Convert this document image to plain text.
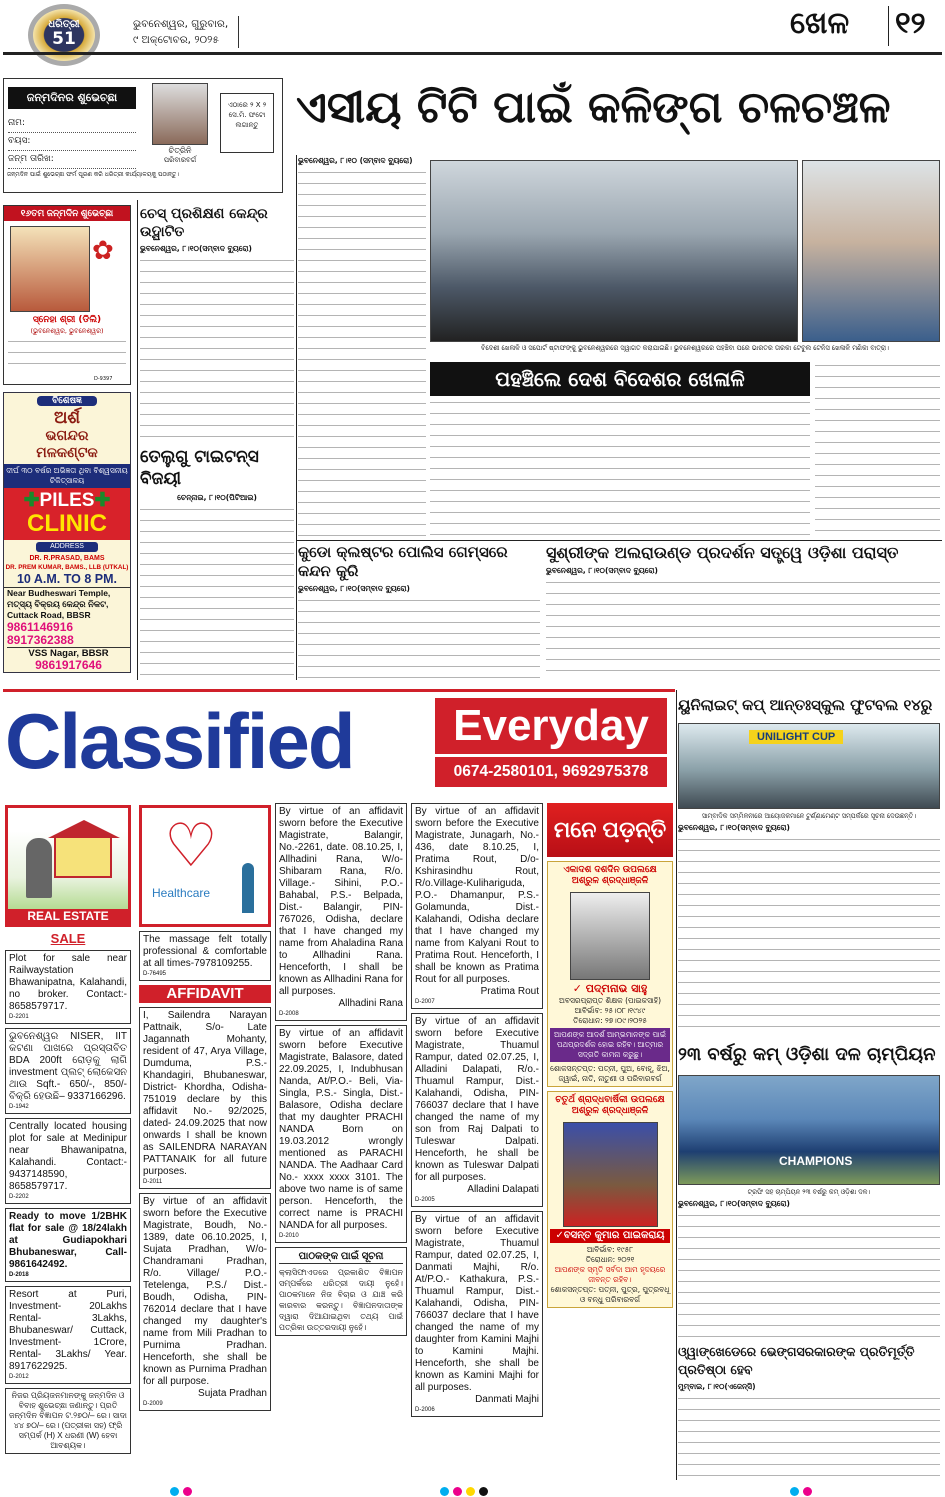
ଧରିତ୍ରୀ
51
ଭୁବନେଶ୍ୱର, ଗୁରୁବାର,
୯ ଅକ୍ଟୋବର, ୨୦୨୫	ଖେଳ ୧୨
ଜନ୍ମଦିନର ଶୁଭେଚ୍ଛା
ନାମ:
ବୟସ:
ଜନ୍ମ ତାରିଖ:
ଚିତ୍ରିନି
ପରିବାରବର୍ଗ
ଏଠାରେ ୨ X ୨ ସେ.ମି. ଫଟୋ ଲଗାନ୍ତୁ
ଜନ୍ମଦିନ ପାଇଁ ଶୁଭେଚ୍ଛା ଫର୍ମ ପୂରଣ କରି ଧରିତ୍ରୀ କାର୍ଯ୍ୟାଳୟକୁ ପଠାନ୍ତୁ।
ଏସୀୟ ଟିଟି ପାଇଁ କଳିଙ୍ଗ ଚଳଚଞ୍ଚଳ
୧୬ତମ ଜନ୍ମଦିନ ଶୁଭେଚ୍ଛା
✿
ସ୍ନେହା ଶ୍ରୀ (ଡିଲି)
(ଭୁବନେଶ୍ୱର, ଭୁବନେଶ୍ୱର)
D-9397
ବିଶେଷଜ୍ଞ
ଅର୍ଶ
ଭଗନ୍ଦର
ମଳକଣ୍ଟକ
ଦୀର୍ଘ ୩୦ ବର୍ଷର ଅଭିଜ୍ଞତା ଥିବା ବିଶ୍ୱସନୀୟ ଚିକିତ୍ସାଳୟ
✚PILES✚
CLINIC
ADDRESS
DR. R.PRASAD, BAMS
DR. PREM KUMAR, BAMS., LLB (UTKAL)
10 A.M. TO 8 PM.
Near Budheswari Temple,
ମତ୍ସ୍ୟ ବିକ୍ରୟ କେନ୍ଦ୍ର ନିକଟ,
Cuttack Road, BBSR
9861146916
8917362388
VSS Nagar, BBSR
9861917646
ଚେସ୍ ପ୍ରଶିକ୍ଷଣ କେନ୍ଦ୍ର ଉଦ୍ଘାଟିତ
ଭୁବନେଶ୍ୱର, ୮।୧୦(ସମ୍ବାଦ ବ୍ୟୁରୋ)
ତେଲୁଗୁ ଟାଇଟନ୍ସ ବିଜୟୀ
ଚେନ୍ନାଇ, ୮।୧୦(ପିଟିଆଇ)
ଭୁବନେଶ୍ୱର, ୮।୧୦ (ସମ୍ବାଦ ବ୍ୟୁରୋ)
ବିଦେଶୀ ଖେଳାଳି ଓ ସପୋର୍ଟ ଷ୍ଟାଫଙ୍କୁ ଭୁବନେଶ୍ୱରରେ ସ୍ୱାଗତ କରାଯାଇଛି। ଭୁବନେଶ୍ୱରରେ ପହଞ୍ଚିବା ପରେ ଭାରତର ତାରକା ଟେବୁଲ ଟେନିସ ଖେଳାଳି ମଣିକା ବାତ୍ରା।
ପହଞ୍ଚିଲେ ଦେଶ ବିଦେଶର ଖେଳାଳି
କୁଡୋ କ୍ଲଷ୍ଟର ପୋଲିସ ଗେମ୍ସରେ କନ୍ଦନ କୁରି
ଭୁବନେଶ୍ୱର, ୮।୧୦(ସମ୍ବାଦ ବ୍ୟୁରୋ)
ସୁଶ୍ରୀଙ୍କ ଅଲରାଉଣ୍ଡ ପ୍ରଦର୍ଶନ ସତ୍ତ୍ୱେ ଓଡ଼ିଶା ପରାସ୍ତ
ଭୁବନେଶ୍ୱର, ୮।୧୦(ସମ୍ବାଦ ବ୍ୟୁରୋ)
Classified	Everyday
0674-2580101, 9692975378
ୟୁନିଲାଇଟ୍ କପ୍ ଆନ୍ତଃସ୍କୁଲ ଫୁଟବଲ ୧୪ରୁ
UNILIGHT CUP
ସାମ୍ବାଦିକ ସମ୍ମିଳନୀରେ ଆୟୋଜକମାନେ ଟୁର୍ଣ୍ଣାମେଣ୍ଟ ସମ୍ପର୍କରେ ସୂଚନା ଦେଉଛନ୍ତି।
ଭୁବନେଶ୍ୱର, ୮।୧୦(ସମ୍ବାଦ ବ୍ୟୁରୋ)
୨୩ ବର୍ଷରୁ କମ୍ ଓଡ଼ିଶା ଦଳ ଚାମ୍ପିୟନ
CHAMPIONS
ଟ୍ରଫି ସହ ଚାମ୍ପିୟନ ୨୩ ବର୍ଷରୁ କମ୍ ଓଡ଼ିଶା ଦଳ।
ଭୁବନେଶ୍ୱର, ୮।୧୦(ସମ୍ବାଦ ବ୍ୟୁରୋ)
ଓ୍ୱାଙ୍ଖେଡେରେ ଭେଙ୍ଗସରକାରଙ୍କ ପ୍ରତିମୂର୍ତ୍ତି ପ୍ରତିଷ୍ଠା ହେବ
ମୁମ୍ବାଇ, ୮।୧୦(ଏଜେନ୍ସି)
REAL ESTATE
SALE
Plot for sale near Railwaystation Bhawanipatna, Kalahandi, no broker. Contact:- 8658579717.
D-2201
ଭୁବନେଶ୍ୱର NISER, IIT କଟଣା ପାଖରେ ପ୍ରସ୍ତାବିତ BDA 200ft ରୋଡ଼କୁ ଲାଗି investment ପ୍ଲଟ୍ ଲୋକେସନ ଥାଉ Sqft.- 650/-, 850/- ବିକ୍ରି ହେଉଛି– 9337166296.
D-1942
Centrally located housing plot for sale at Medinipur near Bhawanipatna, Kalahandi. Contact:- 9437148590, 8658579717.
D-2202
Ready to move 1/2BHK flat for sale @ 18/24lakh at Gudiapokhari Bhubaneswar, Call- 9861642492.
D-2018
Resort at Puri, Investment- 20Lakhs Rental- 3Lakhs, Bhubaneswar/ Cuttack, Investment- 1Crore, Rental- 3Lakhs/ Year. 8917622925.
D-2012
ନିଜର ପ୍ରିୟଜନମାନଙ୍କୁ ଜନ୍ମଦିନ ଓ ବିବାହ ଶୁଭେଚ୍ଛା ଜଣାନ୍ତୁ। ପ୍ରତି ଜନ୍ମଦିନ ବିଜ୍ଞାପନ ଟ.୨୭୦/– ରେ। ସାଦା ୪୪ ୭୦/– ରେ। (ପତ୍ରୀକା ସହ) ଫ୍ରି ସମ୍ପର୍କ (H) X ଧରଣୀ (W) ହେବା ଆବଶ୍ୟକ।
♡
Healthcare
The massage felt totally professional & comfortable at all times-7978109255.
D-76495
AFFIDAVIT
I, Sailendra Narayan Pattnaik, S/o- Late Jagannath Mohanty, resident of 47, Arya Village, Dumduma, P.S.- Khandagiri, Bhubaneswar, District- Khordha, Odisha- 751019 declare by this affidavit No.- 92/2025, dated- 24.09.2025 that now onwards I shall be known as SAILENDRA NARAYAN PATTANAIK for all future purposes.
D-2011
By virtue of an affidavit sworn before the Executive Magistrate, Boudh, No.- 1389, date 06.10.2025, I, Sujata Pradhan, W/o- Chandramani Pradhan, R/o. Village/ P.O.- Tetelenga, P.S./ Dist.- Boudh, Odisha, PIN- 762014 declare that I have changed my daughter's name from Mili Pradhan to Purnima Pradhan. Henceforth, she shall be known as Purnima Pradhan for all purpose.
Sujata Pradhan
D-2009
By virtue of an affidavit sworn before the Executive Magistrate, Balangir, No.-2261, date. 08.10.25, I, Allhadini Rana, W/o- Shibaram Rana, R/o. Village.- Sihini, P.O.- Bahabal, P.S.- Belpada, Dist.- Balangir, PIN- 767026, Odisha, declare that I have changed my name from Ahaladina Rana to Allhadini Rana. Henceforth, I shall be known as Allhadini Rana for all purposes.
Allhadini Rana
D-2008
By virtue of an affidavit sworn before Executive Magistrate, Balasore, dated 22.09.2025, I, Indubhusan Nanda, At/P.O.- Beli, Via- Singla, P.S.- Singla, Dist.- Balasore, Odisha declare that my daughter PRACHI NANDA Born on 19.03.2012 wrongly mentioned as PARACHI NANDA. The Aadhaar Card No.- xxxx xxxx 3101. The above two name is of same person. Henceforth, the correct name is PRACHI NANDA for all purposes.
D-2010
ପାଠକଙ୍କ ପାଇଁ ସୂଚନା
କ୍ଲାସିଫାଏଡରେ ପ୍ରକାଶିତ ବିଜ୍ଞାପନ ସମ୍ପର୍କରେ ଧରିତ୍ରୀ ଦାୟୀ ନୁହେଁ। ପାଠକମାନେ ନିଜ ବିଚାର ଓ ଯାଞ୍ଚ କରି କାରବାର କରନ୍ତୁ। ବିଜ୍ଞାପନଦାତାଙ୍କ ଦ୍ୱାରା ଦିଆଯାଇଥିବା ତଥ୍ୟ ପାଇଁ ପତ୍ରିକା ଉତ୍ତରଦାୟୀ ନୁହେଁ।
By virtue of an affidavit sworn before the Executive Magistrate, Junagarh, No.- 436, date 8.10.25, I, Pratima Rout, D/o- Kshirasindhu Rout, R/o.Village-Kulihariguda, P.O.- Dhamanpur, P.S.- Golamunda, Dist.- Kalahandi, Odisha declare that I have changed my name from Kalyani Rout to Pratima Rout. Henceforth, I shall be known as Pratima Rout for all purposes.
Pratima Rout
D-2007
By virtue of an affidavit sworn before Executive Magistrate, Thuamul Rampur, dated 02.07.25, I, Alladini Dalapati, R/o.- Thuamul Rampur, Dist.- Kalahandi, Odisha, PIN- 766037 declare that I have changed the name of my son from Raj Dalpati to Tuleswar Dalpati. Henceforth, he shall be known as Tuleswar Dalpati for all purposes.
Alladini Dalapati
D-2005
By virtue of an affidavit sworn before Executive Magistrate, Thuamul Rampur, dated 02.07.25, I, Danmati Majhi, R/o. At/P.O.- Kathakura, P.S.- Thuamul Rampur, Dist.- Kalahandi, Odisha, PIN- 766037 declare that I have changed the name of my daughter from Kamini Majhi to Kamini Majhi. Henceforth, she shall be known as Kamini Majhi for all purposes.
Danmati Majhi
D-2006
ମନେ ପଡ଼ନ୍ତି
ଏକାଦଶ ଦଶଦିନ ଉପଲକ୍ଷେ ଅଶ୍ରୁଳ ଶ୍ରଦ୍ଧାଞ୍ଜଳି
✓ ପଦ୍ମନାଭ ସାହୁ
ଅବସରପ୍ରାପ୍ତ ଶିକ୍ଷକ (ପାଇକସାହି)
ଆବିର୍ଭାବ: ୨୫।୦୮।୧୯୪୯
ତିରୋଧାନ: ୨୭।୦୯।୨୦୨୫
ଆପଣଙ୍କ ଆଦର୍ଶ ଆମ୍ଭମାନଙ୍କ ପାଇଁ ପଥପ୍ରଦର୍ଶକ ହୋଇ ରହିବ। ଆତ୍ମାର ସଦ୍ଗତି କାମନା କରୁଛୁ।
ଶୋକସନ୍ତପ୍ତ: ପତ୍ନୀ, ପୁଅ, ବୋହୂ, ଝିଅ, ଜ୍ୱାଇଁ, ନାତି, ନାତୁଣୀ ଓ ପରିବାରବର୍ଗ
ଚତୁର୍ଥ ଶ୍ରାଦ୍ଧବାର୍ଷିକୀ ଉପଲକ୍ଷେ ଅଶ୍ରୁଳ ଶ୍ରଦ୍ଧାଞ୍ଜଳି
✓ବସନ୍ତ କୁମାର ପାଇକରାୟ
ଆବିର୍ଭାବ: ୧୯୫୮
ତିରୋଧାନ: ୨୦୨୧
ଆପଣଙ୍କ ସ୍ମୃତି ସର୍ବଦା ଆମ ହୃଦୟରେ ଜୀବନ୍ତ ରହିବ।
ଶୋକସନ୍ତପ୍ତ: ପତ୍ନୀ, ପୁତ୍ର, ପୁତ୍ରବଧୂ ଓ ବନ୍ଧୁ ପରିବାରବର୍ଗ
